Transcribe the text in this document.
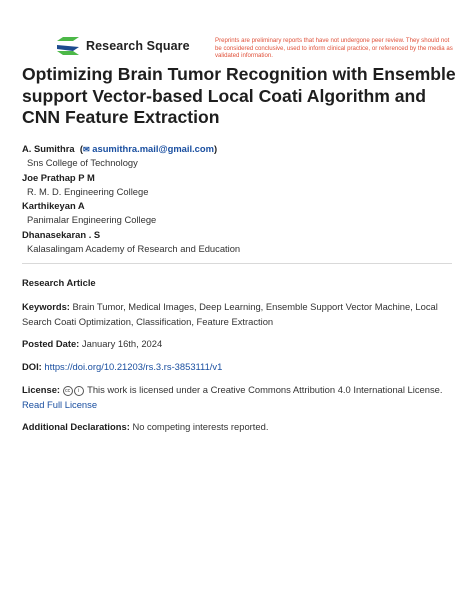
Research Square	Preprints are preliminary reports that have not undergone peer review. They should not be considered conclusive, used to inform clinical practice, or referenced by the media as validated information.
Optimizing Brain Tumor Recognition with Ensemble support Vector-based Local Coati Algorithm and CNN Feature Extraction
A. Sumithra  (✉ asumithra.mail@gmail.com)
Sns College of Technology
Joe Prathap P M
R. M. D. Engineering College
Karthikeyan A
Panimalar Engineering College
Dhanasekaran . S
Kalasalingam Academy of Research and Education
Research Article
Keywords: Brain Tumor, Medical Images, Deep Learning, Ensemble Support Vector Machine, Local Search Coati Optimization, Classification, Feature Extraction
Posted Date: January 16th, 2024
DOI: https://doi.org/10.21203/rs.3.rs-3853111/v1
License: cc i This work is licensed under a Creative Commons Attribution 4.0 International License.
Read Full License
Additional Declarations: No competing interests reported.
